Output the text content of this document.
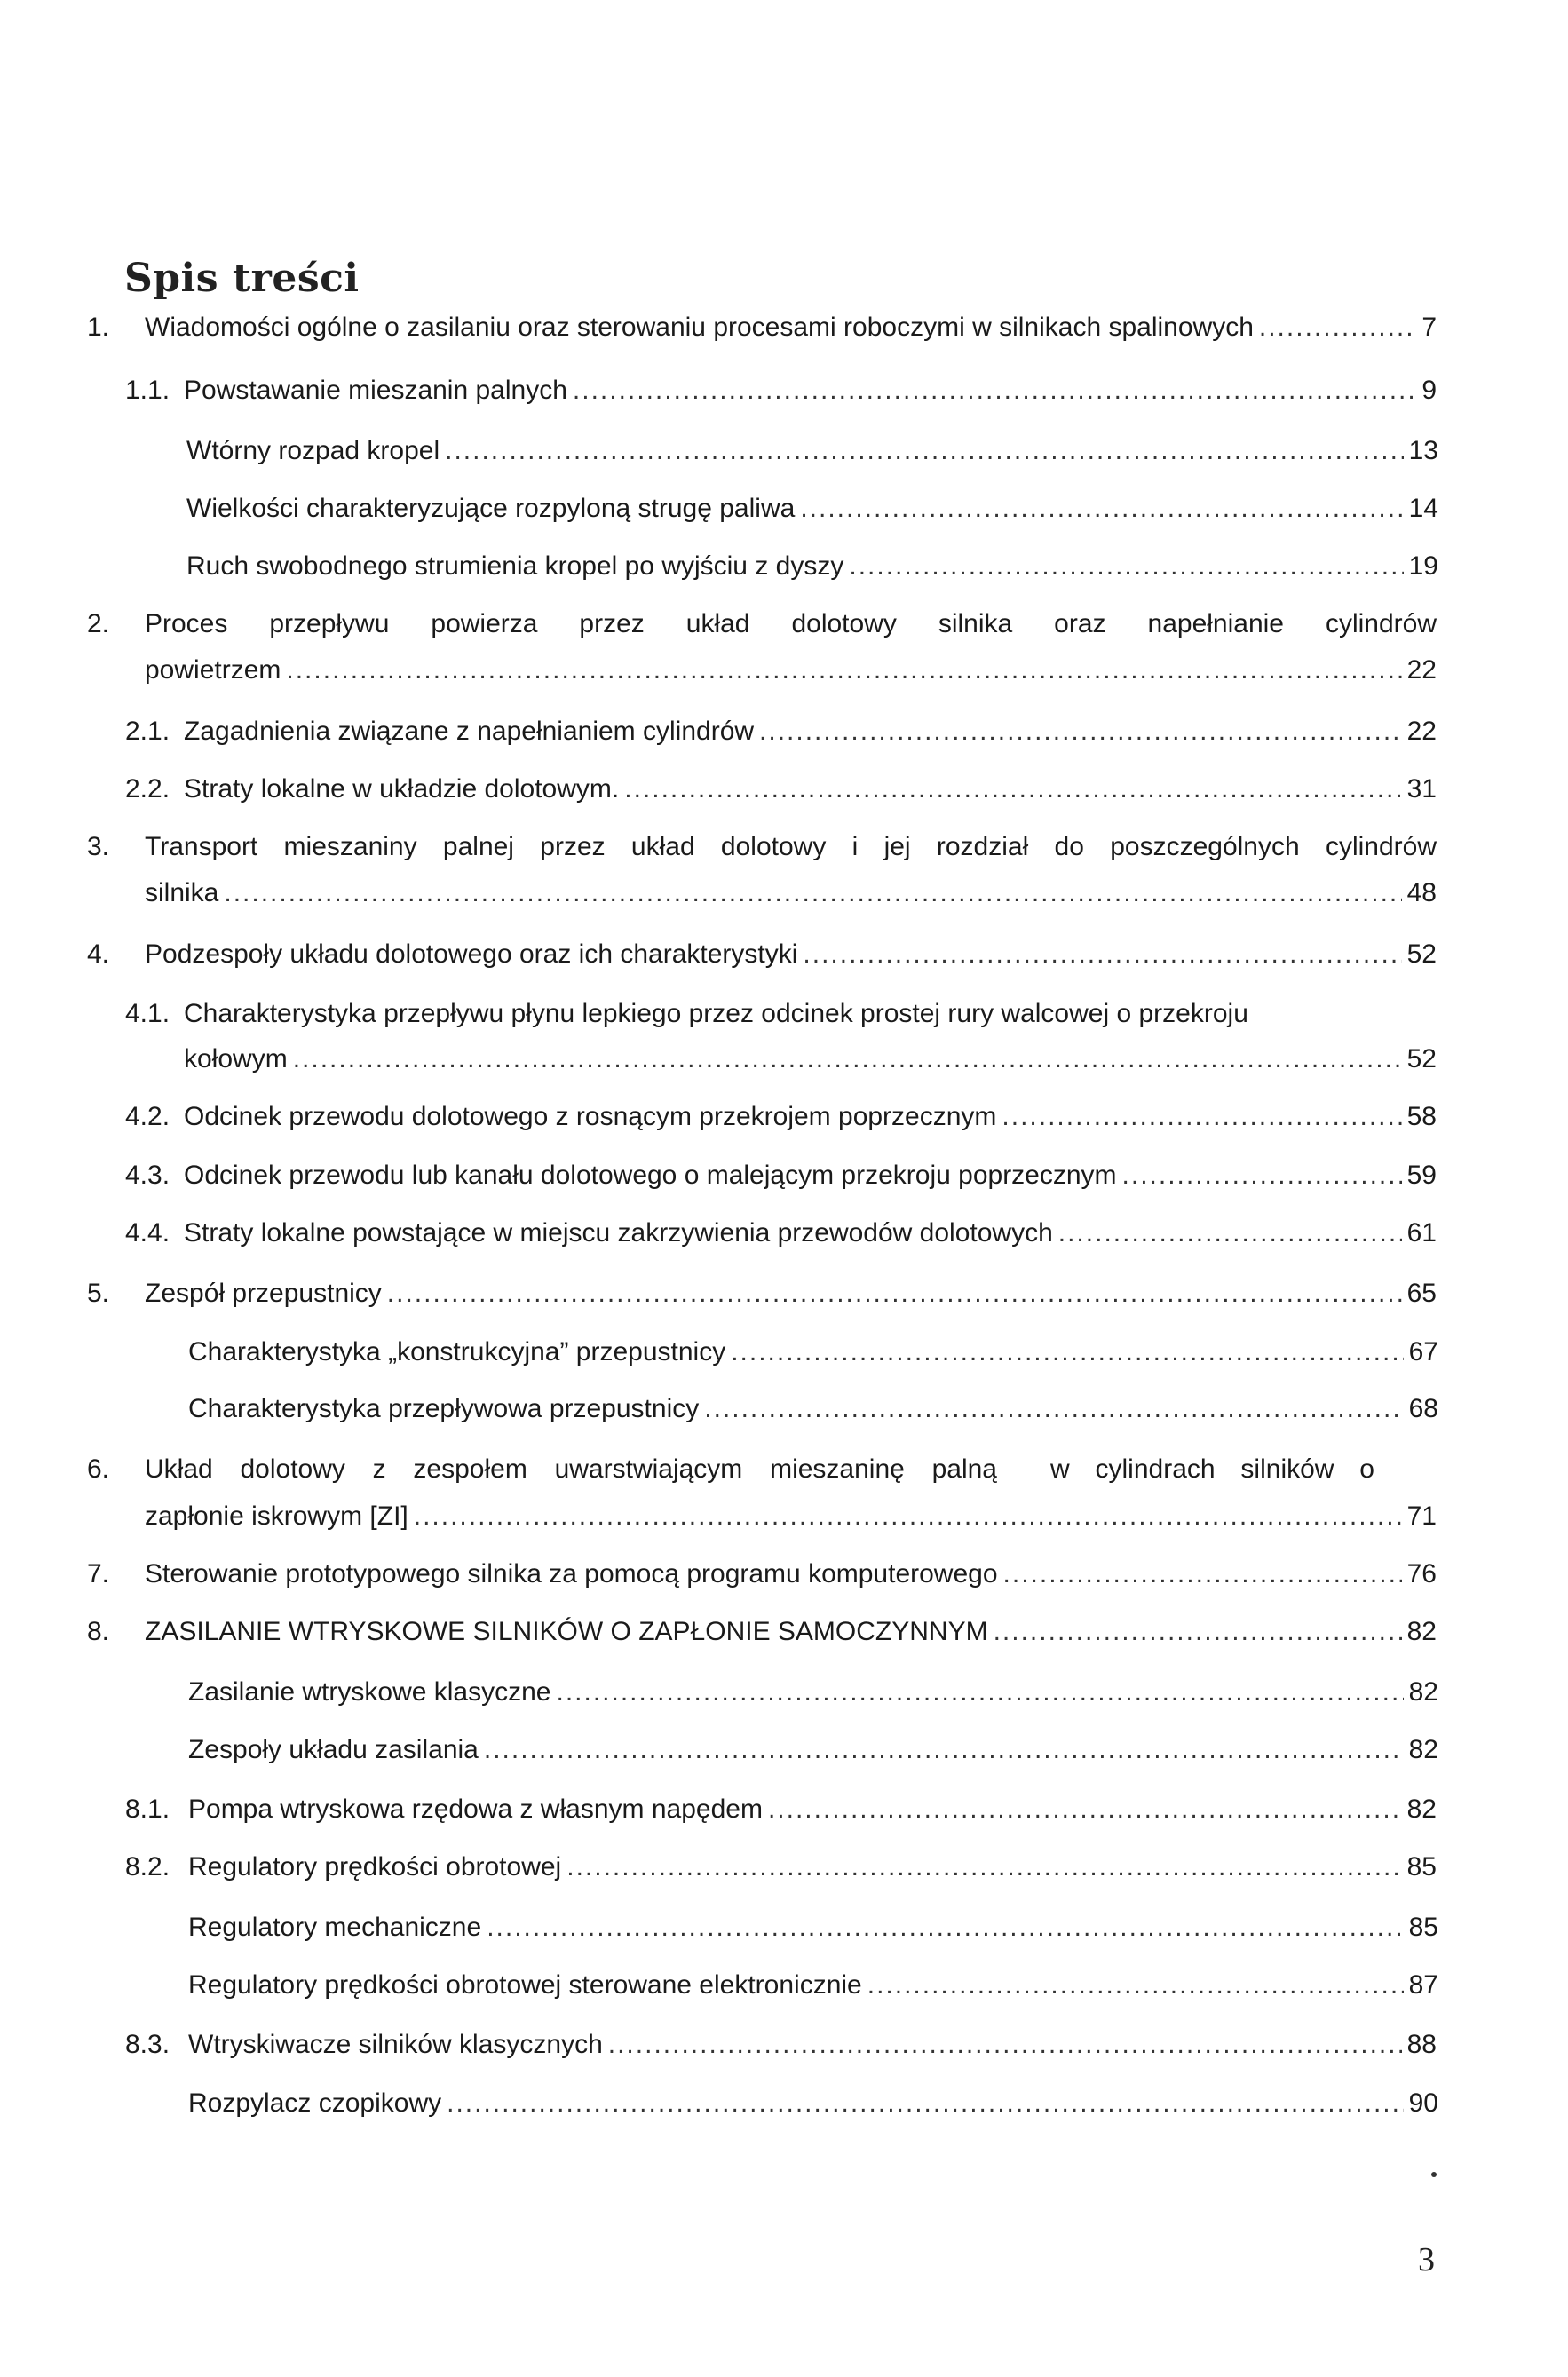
Spis treści
1. Wiadomości ogólne o zasilaniu oraz sterowaniu procesami roboczymi w silnikach spalinowych .....	7
1.1. Powstawanie mieszanin palnych .....	9
Wtórny rozpad kropel .....	13
Wielkości charakteryzujące rozpyloną strugę paliwa .....	14
Ruch swobodnego strumienia kropel po wyjściu z dyszy .....	19
2. Proces przepływu powierza przez układ dolotowy silnika oraz napełnianie cylindrów
powietrzem .....	22
2.1. Zagadnienia związane z napełnianiem cylindrów .....	22
2.2. Straty lokalne w układzie dolotowym. .....	31
3. Transport mieszaniny palnej przez układ dolotowy i jej rozdział do poszczególnych cylindrów
silnika .....	48
4. Podzespoły układu dolotowego oraz ich charakterystyki .....	52
4.1. Charakterystyka przepływu płynu lepkiego przez odcinek prostej rury walcowej o przekroju
kołowym .....	52
4.2. Odcinek przewodu dolotowego z rosnącym przekrojem poprzecznym .....	58
4.3. Odcinek przewodu lub kanału dolotowego o malejącym przekroju poprzecznym .....	59
4.4. Straty lokalne powstające w miejscu zakrzywienia przewodów dolotowych .....	61
5. Zespół przepustnicy .....	65
Charakterystyka „konstrukcyjna” przepustnicy .....	67
Charakterystyka przepływowa przepustnicy .....	68
6. Układ dolotowy z zespołem uwarstwiającym mieszaninę palną w cylindrach silników o
zapłonie iskrowym [ZI] .....	71
7. Sterowanie prototypowego silnika za pomocą programu komputerowego .....	76
8. ZASILANIE WTRYSKOWE SILNIKÓW O ZAPŁONIE SAMOCZYNNYM .....	82
Zasilanie wtryskowe klasyczne .....	82
Zespoły układu zasilania .....	82
8.1. Pompa wtryskowa rzędowa z własnym napędem .....	82
8.2. Regulatory prędkości obrotowej .....	85
Regulatory mechaniczne .....	85
Regulatory prędkości obrotowej sterowane elektronicznie .....	87
8.3. Wtryskiwacze silników klasycznych .....	88
Rozpylacz czopikowy .....	90
3
